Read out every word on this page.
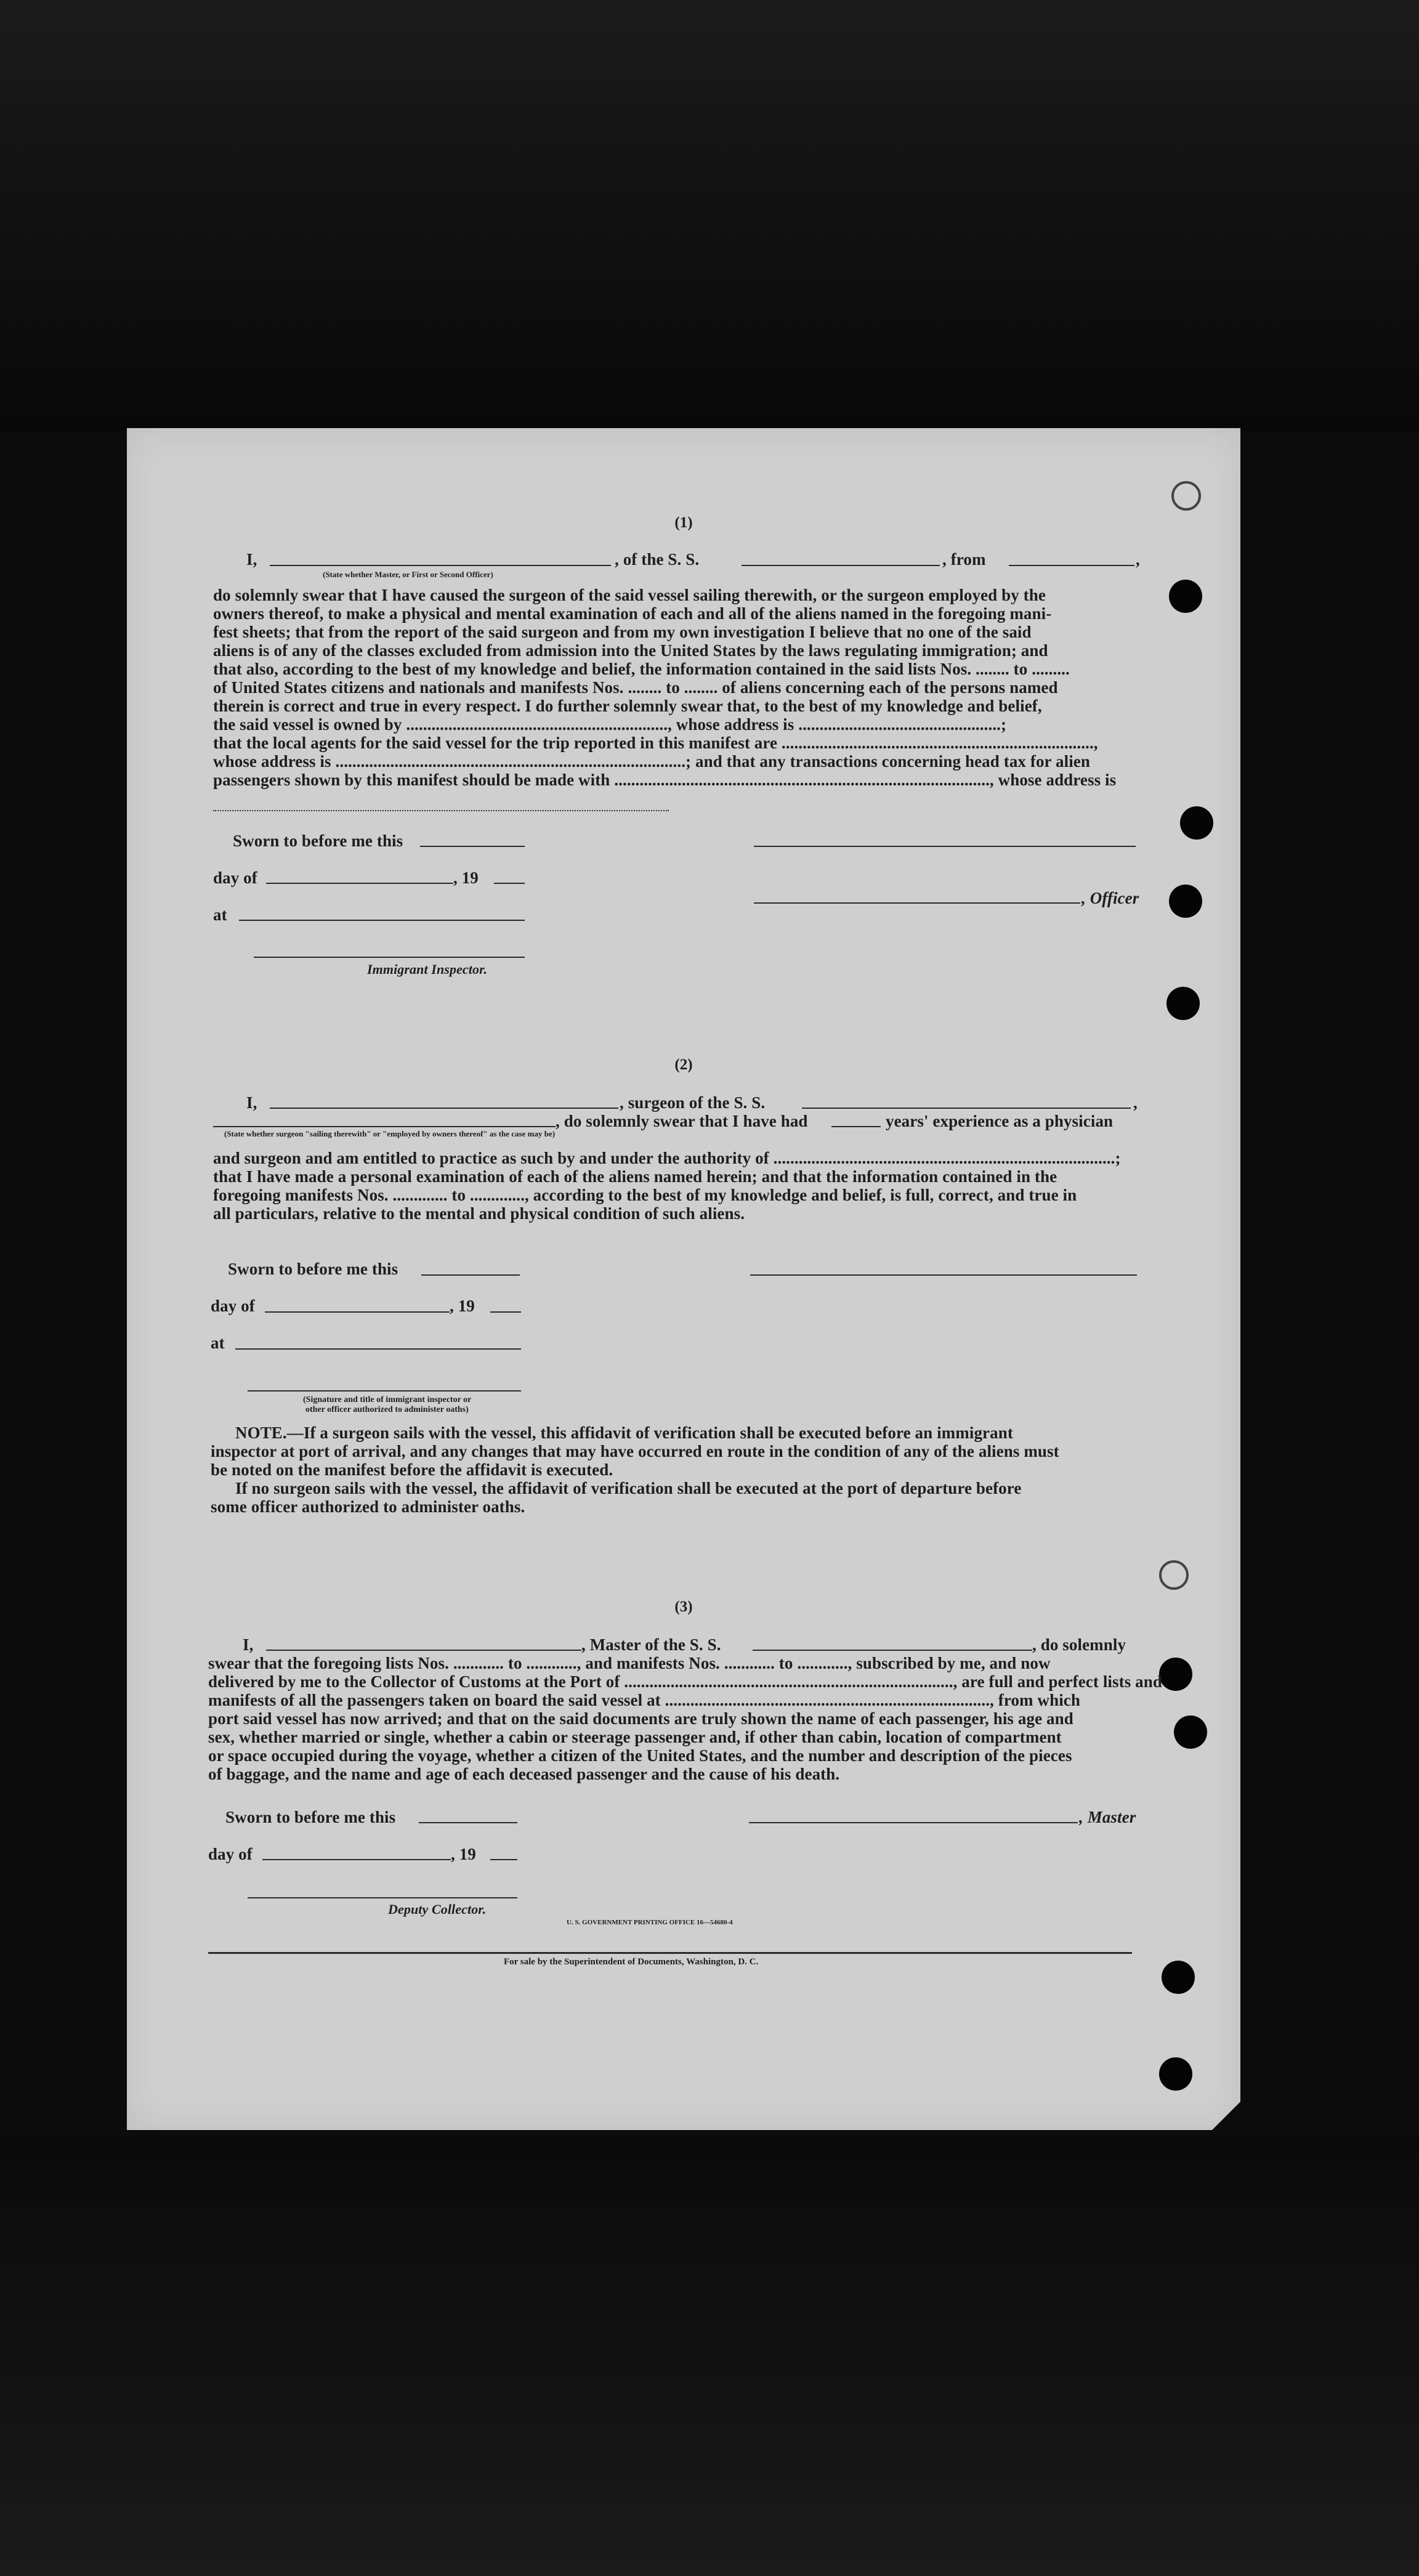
(1)
I,	, of the S. S.	, from	,
(State whether Master, or First or Second Officer)
do solemnly swear that I have caused the surgeon of the said vessel sailing therewith, or the surgeon employed by the
owners thereof, to make a physical and mental examination of each and all of the aliens named in the foregoing mani-
fest sheets; that from the report of the said surgeon and from my own investigation I believe that no one of the said
aliens is of any of the classes excluded from admission into the United States by the laws regulating immigration; and
that also, according to the best of my knowledge and belief, the information contained in the said lists Nos. ........ to .........
of United States citizens and nationals and manifests Nos. ........ to ........ of aliens concerning each of the persons named
therein is correct and true in every respect. I do further solemnly swear that, to the best of my knowledge and belief,
the said vessel is owned by .............................................................., whose address is ................................................;
that the local agents for the said vessel for the trip reported in this manifest are ..........................................................................,
whose address is ...................................................................................; and that any transactions concerning head tax for alien
passengers shown by this manifest should be made with ........................................................................................., whose address is
Sworn to before me this
day of	, 19
, Officer
at
Immigrant Inspector.
(2)
I,	, surgeon of the S. S.	,
, do solemnly swear that I have had	years' experience as a physician
(State whether surgeon "sailing therewith" or "employed by owners thereof" as the case may be)
and surgeon and am entitled to practice as such by and under the authority of .................................................................................;
that I have made a personal examination of each of the aliens named herein; and that the information contained in the
foregoing manifests Nos. ............. to ............., according to the best of my knowledge and belief, is full, correct, and true in
all particulars, relative to the mental and physical condition of such aliens.
Sworn to before me this
day of	, 19
at
(Signature and title of immigrant inspector or
other officer authorized to administer oaths)
NOTE.—If a surgeon sails with the vessel, this affidavit of verification shall be executed before an immigrant
inspector at port of arrival, and any changes that may have occurred en route in the condition of any of the aliens must
be noted on the manifest before the affidavit is executed.
If no surgeon sails with the vessel, the affidavit of verification shall be executed at the port of departure before
some officer authorized to administer oaths.
(3)
I,	, Master of the S. S.	, do solemnly
swear that the foregoing lists Nos. ............ to ............, and manifests Nos. ............ to ............, subscribed by me, and now
delivered by me to the Collector of Customs at the Port of .............................................................................., are full and perfect lists and
manifests of all the passengers taken on board the said vessel at ............................................................................., from which
port said vessel has now arrived; and that on the said documents are truly shown the name of each passenger, his age and
sex, whether married or single, whether a cabin or steerage passenger and, if other than cabin, location of compartment
or space occupied during the voyage, whether a citizen of the United States, and the number and description of the pieces
of baggage, and the name and age of each deceased passenger and the cause of his death.
Sworn to before me this	, Master
day of	, 19
Deputy Collector.
U. S. GOVERNMENT PRINTING OFFICE 16—54680-4
For sale by the Superintendent of Documents, Washington, D. C.
